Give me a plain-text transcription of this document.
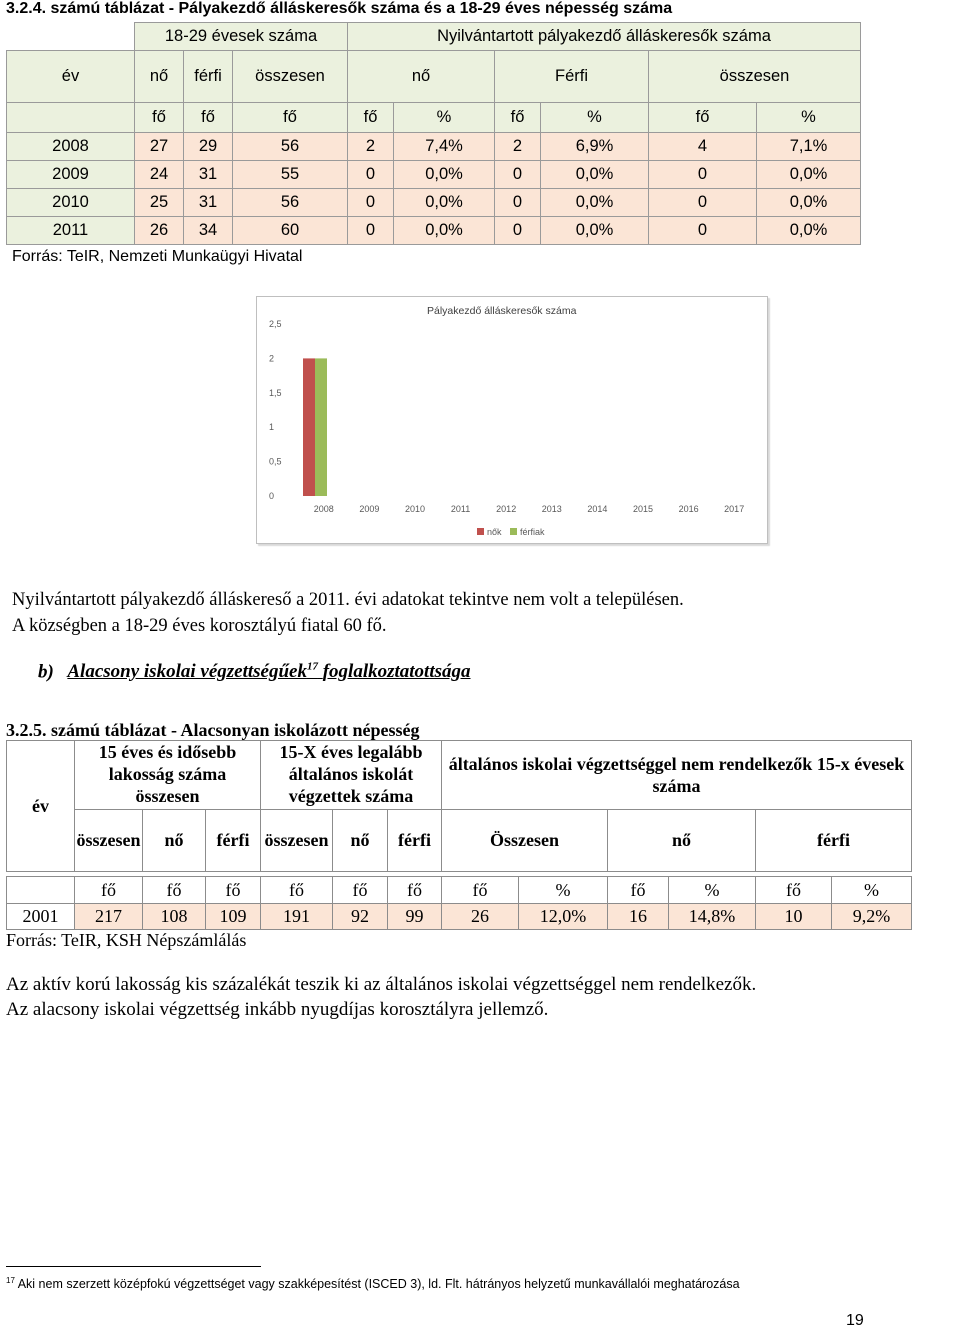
3.2.4. számú táblázat - Pályakezdő álláskeresők száma és a 18-29 éves népesség száma
	18-29 évesek száma			Nyilvántartott pályakezdő álláskeresők száma					
év	nő	férfi	összesen	nő		Férfi		összesen	
	fő	fő	fő	fő	%	fő	%	fő	%
2008	27	29	56	2	7,4%	2	6,9%	4	7,1%
2009	24	31	55	0	0,0%	0	0,0%	0	0,0%
2010	25	31	56	0	0,0%	0	0,0%	0	0,0%
2011	26	34	60	0	0,0%	0	0,0%	0	0,0%
Forrás: TeIR, Nemzeti Munkaügyi Hivatal
Pályakezdő álláskeresők száma
0
0,5
1
1,5
2
2,5
2008	2009	2010	2011	2012	2013	2014	2015	2016	2017
nők férfiak
Nyilvántartott pályakezdő álláskereső a 2011. évi adatokat tekintve nem volt a településen.
A községben a 18-29 éves korosztályú fiatal 60 fő.
b) Alacsony iskolai végzettségűek$^{17}$ foglalkoztatottsága
3.2.5. számú táblázat - Alacsonyan iskolázott népesség
év	15 éves és idősebb lakosság száma összesen			15-X éves legalább általános iskolát végzettek száma			általános iskolai végzettséggel nem rendelkezők 15-x évesek száma					
	összesen	nő	férfi	összesen	nő	férfi	Összesen		nő		férfi	

	fő	fő	fő	fő	fő	fő	fő	%	fő	%	fő	%
2001	217	108	109	191	92	99	26	12,0%	16	14,8%	10	9,2%
Forrás: TeIR, KSH Népszámlálás
Az aktív korú lakosság kis százalékát teszik ki az általános iskolai végzettséggel nem rendelkezők.
Az alacsony iskolai végzettség inkább nyugdíjas korosztályra jellemző.
$^{17}$ Aki nem szerzett középfokú végzettséget vagy szakképesítést (ISCED 3), ld. Flt. hátrányos helyzetű munkavállalói meghatározása
19
